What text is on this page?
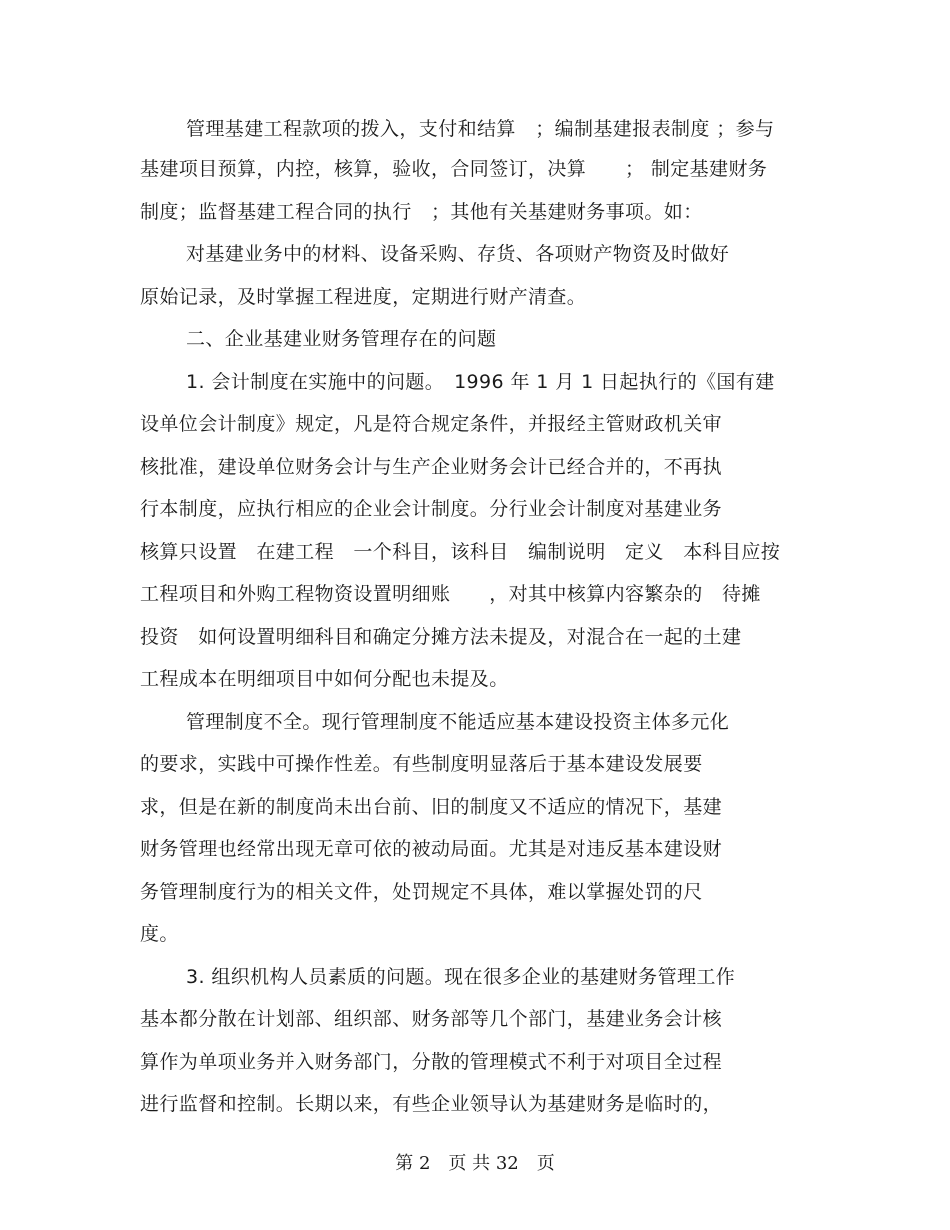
管理基建工程款项的拨入，支付和结算　；编制基建报表制度 ；参与
基建项目预算，内控，核算，验收，合同签订，决算　　； 制定基建财务
制度；监督基建工程合同的执行　；其他有关基建财务事项。如：
对基建业务中的材料、设备采购、存货、各项财产物资及时做好
原始记录，及时掌握工程进度，定期进行财产清查。
二、企业基建业财务管理存在的问题
1. 会计制度在实施中的问题。　1996 年 1 月 1 日起执行的《国有建
设单位会计制度》规定，凡是符合规定条件，并报经主管财政机关审
核批准，建设单位财务会计与生产企业财务会计已经合并的，不再执
行本制度，应执行相应的企业会计制度。分行业会计制度对基建业务
核算只设置　在建工程　一个科目，该科目　编制说明　定义　本科目应按
工程项目和外购工程物资设置明细账　　，对其中核算内容繁杂的　待摊
投资　如何设置明细科目和确定分摊方法未提及，对混合在一起的土建
工程成本在明细项目中如何分配也未提及。
管理制度不全。现行管理制度不能适应基本建设投资主体多元化
的要求，实践中可操作性差。有些制度明显落后于基本建设发展要
求，但是在新的制度尚未出台前、旧的制度又不适应的情况下，基建
财务管理也经常出现无章可依的被动局面。尤其是对违反基本建设财
务管理制度行为的相关文件，处罚规定不具体，难以掌握处罚的尺
度。
3. 组织机构人员素质的问题。现在很多企业的基建财务管理工作
基本都分散在计划部、组织部、财务部等几个部门，基建业务会计核
算作为单项业务并入财务部门，分散的管理模式不利于对项目全过程
进行监督和控制。长期以来，有些企业领导认为基建财务是临时的，
第 2　页 共 32　页
